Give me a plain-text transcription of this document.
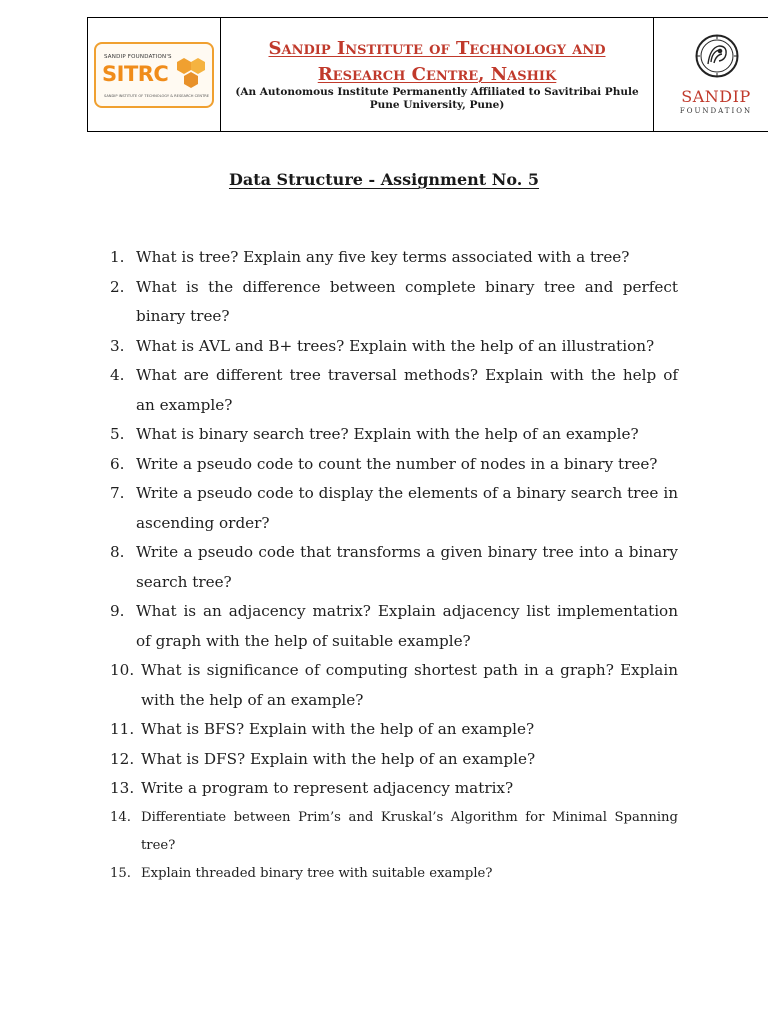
SANDIP FOUNDATION'S
SITRC
SANDIP INSTITUTE OF TECHNOLOGY & RESEARCH CENTRE
Sandip Institute of Technology and
Research Centre, Nashik
(An Autonomous Institute Permanently Affiliated to Savitribai Phule
Pune University, Pune)	SANDIP
FOUNDATION
Data Structure - Assignment No. 5
1. What is tree? Explain any five key terms associated with a tree?
2. What is the difference between complete binary tree and perfect binary tree?
3. What is AVL and B+ trees? Explain with the help of an illustration?
4. What are different tree traversal methods? Explain with the help of an example?
5. What is binary search tree? Explain with the help of an example?
6. Write a pseudo code to count the number of nodes in a binary tree?
7. Write a pseudo code to display the elements of a binary search tree in ascending order?
8. Write a pseudo code that transforms a given binary tree into a binary search tree?
9. What is an adjacency matrix? Explain adjacency list implementation of graph with the help of suitable example?
10. What is significance of computing shortest path in a graph? Explain with the help of an example?
11. What is BFS? Explain with the help of an example?
12. What is DFS? Explain with the help of an example?
13. Write a program to represent adjacency matrix?
14. Differentiate between Prim’s and Kruskal’s Algorithm for Minimal Spanning tree?
15. Explain threaded binary tree with suitable example?
